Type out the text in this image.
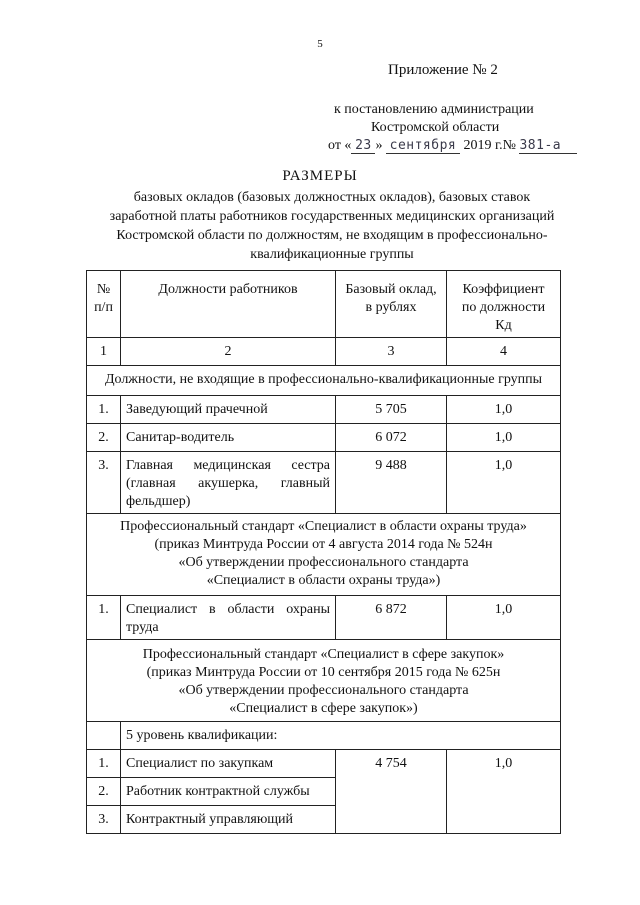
5
Приложение № 2
к постановлению администрации
Костромской области
от « 23 » сентября 2019 г.№ 381-а
РАЗМЕРЫ
базовых окладов (базовых должностных окладов), базовых ставок
заработной платы работников государственных медицинских организаций
Костромской области по должностям, не входящим в профессионально-
квалификационные группы
№ п/п	Должности работников	Базовый оклад, в рублях	Коэффициент по должности Кд
1	2	3	4
Должности, не входящие в профессионально-квалификационные группы			
1.	Заведующий прачечной	5 705	1,0
2.	Санитар-водитель	6 072	1,0
3.	Главная медицинская сестра (главная акушерка, главный фельдшер)	9 488	1,0

Профессиональный стандарт «Специалист в области охраны труда»
(приказ Минтруда России от 4 августа 2014 года № 524н
«Об утверждении профессионального стандарта
«Специалист в области охраны труда»)			

1.	Специалист в области охраны труда	6 872	1,0

Профессиональный стандарт «Специалист в сфере закупок»
(приказ Минтруда России от 10 сентября 2015 года № 625н
«Об утверждении профессионального стандарта
«Специалист в сфере закупок»)			

	5 уровень квалификации:		
1.	Специалист по закупкам	4 754	1,0
2.	Работник контрактной службы		
3.	Контрактный управляющий		
